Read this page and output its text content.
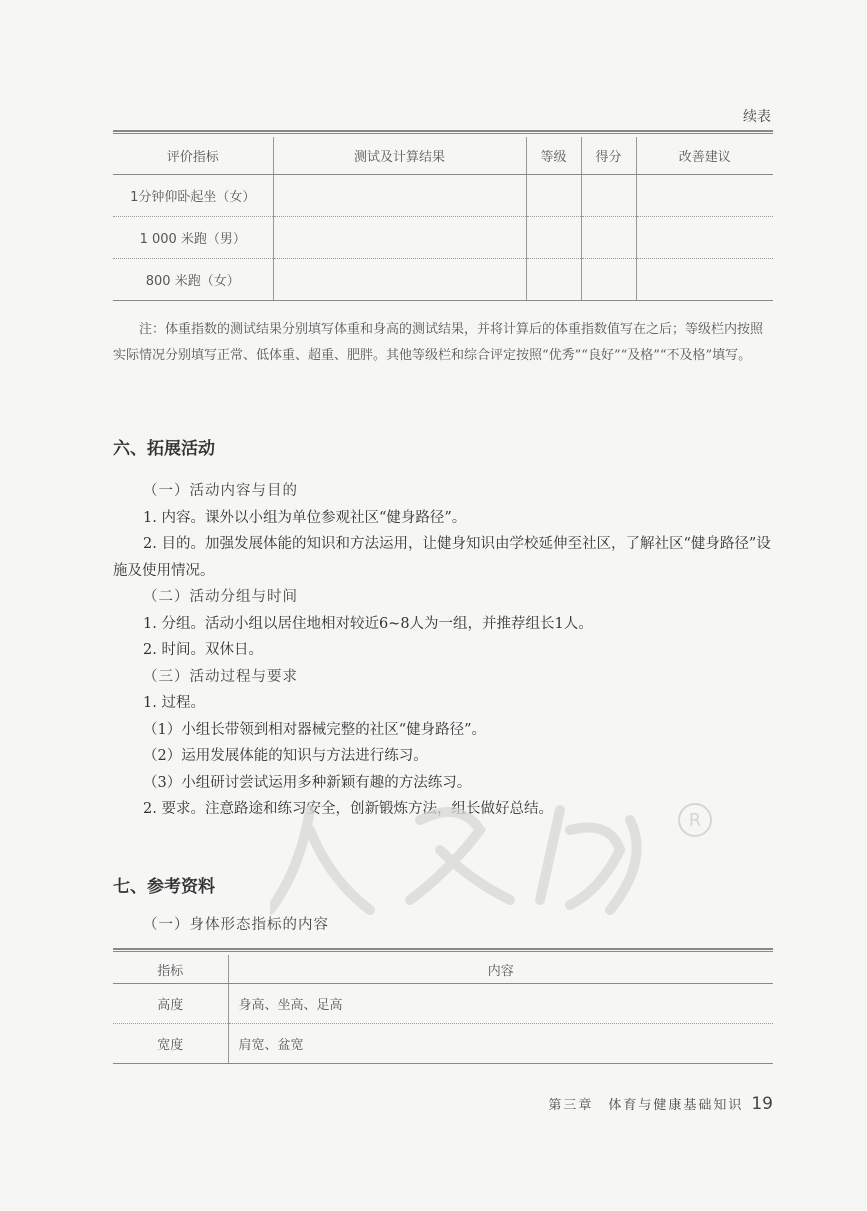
续表
评价指标	测试及计算结果	等级	得分	改善建议
1分钟仰卧起坐（女）				
1 000 米跑（男）				
800 米跑（女）				
注：体重指数的测试结果分别填写体重和身高的测试结果，并将计算后的体重指数值写在之后；等级栏内按照实际情况分别填写正常、低体重、超重、肥胖。其他等级栏和综合评定按照“优秀”“良好”“及格”“不及格”填写。
六、拓展活动

（一）活动内容与目的

1. 内容。课外以小组为单位参观社区“健身路径”。

2. 目的。加强发展体能的知识和方法运用，让健身知识由学校延伸至社区，了解社区“健身路径”设施及使用情况。

（二）活动分组与时间

1. 分组。活动小组以居住地相对较近6~8人为一组，并推荐组长1人。

2. 时间。双休日。

（三）活动过程与要求

1. 过程。

（1）小组长带领到相对器械完整的社区“健身路径”。

（2）运用发展体能的知识与方法进行练习。

（3）小组研讨尝试运用多种新颖有趣的方法练习。

2. 要求。注意路途和练习安全，创新锻炼方法，组长做好总结。

R
七、参考资料

（一）身体形态指标的内容

指标	内容
高度	身高、坐高、足高
宽度	肩宽、盆宽
第三章　体育与健康基础知识 19
